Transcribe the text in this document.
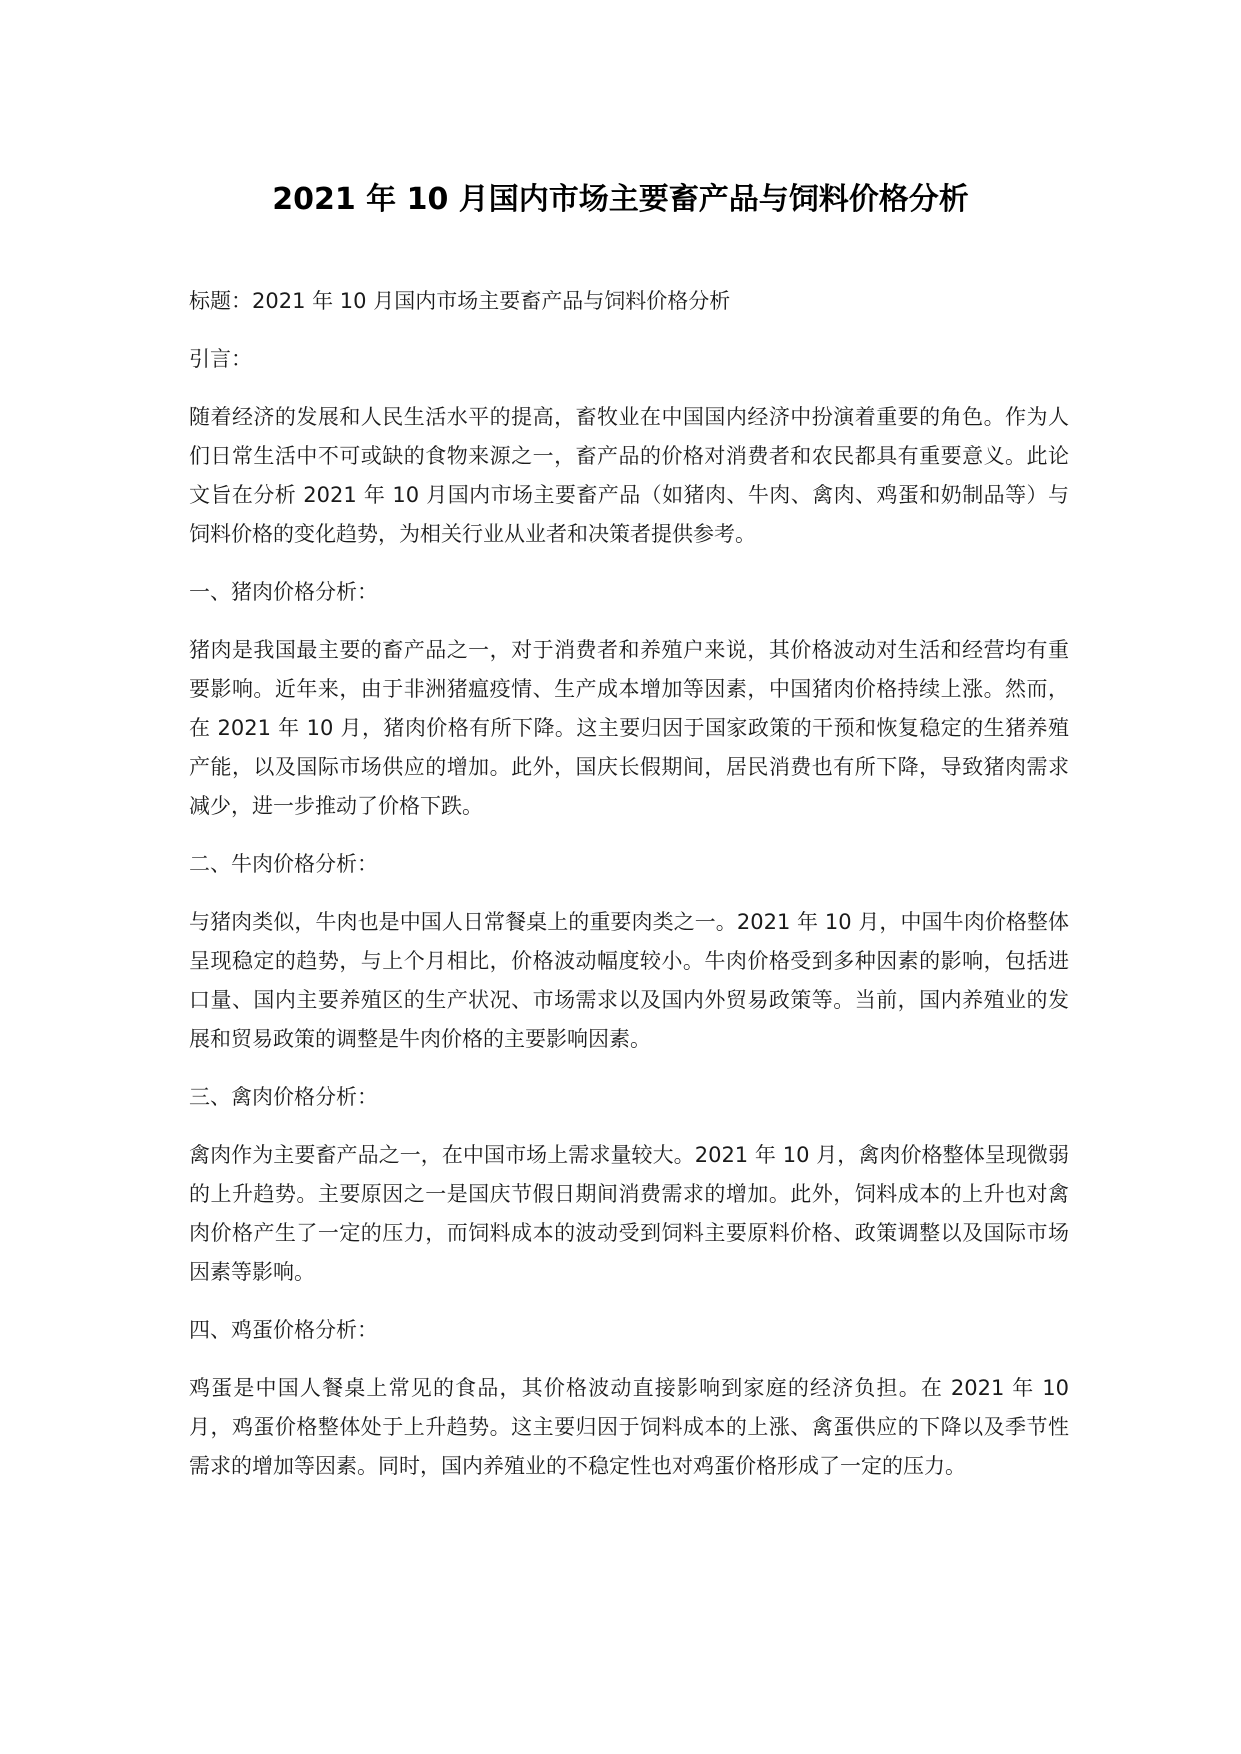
2021 年 10 月国内市场主要畜产品与饲料价格分析

标题：2021 年 10 月国内市场主要畜产品与饲料价格分析

引言：

随着经济的发展和人民生活水平的提高，畜牧业在中国国内经济中扮演着重要的角色。作为人们日常生活中不可或缺的食物来源之一，畜产品的价格对消费者和农民都具有重要意义。此论文旨在分析 2021 年 10 月国内市场主要畜产品（如猪肉、牛肉、禽肉、鸡蛋和奶制品等）与饲料价格的变化趋势，为相关行业从业者和决策者提供参考。

一、猪肉价格分析：

猪肉是我国最主要的畜产品之一，对于消费者和养殖户来说，其价格波动对生活和经营均有重要影响。近年来，由于非洲猪瘟疫情、生产成本增加等因素，中国猪肉价格持续上涨。然而，在 2021 年 10 月，猪肉价格有所下降。这主要归因于国家政策的干预和恢复稳定的生猪养殖产能，以及国际市场供应的增加。此外，国庆长假期间，居民消费也有所下降，导致猪肉需求减少，进一步推动了价格下跌。

二、牛肉价格分析：

与猪肉类似，牛肉也是中国人日常餐桌上的重要肉类之一。2021 年 10 月，中国牛肉价格整体呈现稳定的趋势，与上个月相比，价格波动幅度较小。牛肉价格受到多种因素的影响，包括进口量、国内主要养殖区的生产状况、市场需求以及国内外贸易政策等。当前，国内养殖业的发展和贸易政策的调整是牛肉价格的主要影响因素。

三、禽肉价格分析：

禽肉作为主要畜产品之一，在中国市场上需求量较大。2021 年 10 月，禽肉价格整体呈现微弱的上升趋势。主要原因之一是国庆节假日期间消费需求的增加。此外，饲料成本的上升也对禽肉价格产生了一定的压力，而饲料成本的波动受到饲料主要原料价格、政策调整以及国际市场因素等影响。

四、鸡蛋价格分析：

鸡蛋是中国人餐桌上常见的食品，其价格波动直接影响到家庭的经济负担。在 2021 年 10 月，鸡蛋价格整体处于上升趋势。这主要归因于饲料成本的上涨、禽蛋供应的下降以及季节性需求的增加等因素。同时，国内养殖业的不稳定性也对鸡蛋价格形成了一定的压力。
